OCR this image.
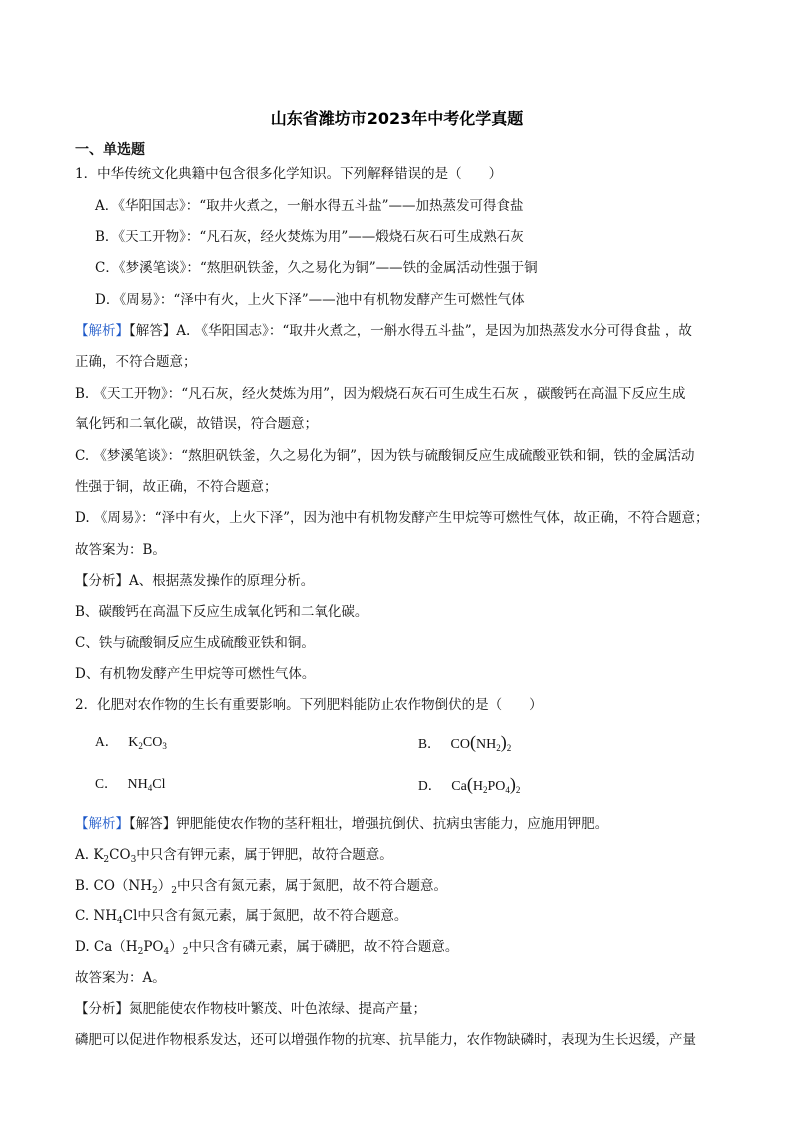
山东省潍坊市2023年中考化学真题
一、单选题
1．中华传统文化典籍中包含很多化学知识。下列解释错误的是（　　）
A．《华阳国志》：“取井火煮之，一斛水得五斗盐”——加热蒸发可得食盐
B．《天工开物》：“凡石灰，经火焚炼为用”——煅烧石灰石可生成熟石灰
C．《梦溪笔谈》：“熬胆矾铁釜，久之易化为铜”——铁的金属活动性强于铜
D．《周易》：“泽中有火，上火下泽”——池中有机物发酵产生可燃性气体
【解析】【解答】A. 《华阳国志》：“取井火煮之，一斛水得五斗盐”，是因为加热蒸发水分可得食盐 ，故
正确，不符合题意；
B. 《天工开物》：“凡石灰，经火焚炼为用”，因为煅烧石灰石可生成生石灰 ，碳酸钙在高温下反应生成
氧化钙和二氧化碳，故错误，符合题意；
C. 《梦溪笔谈》：“熬胆矾铁釜，久之易化为铜”，因为铁与硫酸铜反应生成硫酸亚铁和铜，铁的金属活动
性强于铜，故正确，不符合题意；
D. 《周易》：“泽中有火，上火下泽”，因为池中有机物发酵产生甲烷等可燃性气体，故正确，不符合题意；
故答案为：B。
【分析】A、根据蒸发操作的原理分析。
B、碳酸钙在高温下反应生成氧化钙和二氧化碳。
C、铁与硫酸铜反应生成硫酸亚铁和铜。
D、有机物发酵产生甲烷等可燃性气体。
2．化肥对农作物的生长有重要影响。下列肥料能防止农作物倒伏的是（　　）
A． $K_2CO_3$	B． $CO(NH_2)_2$
C． $NH_4Cl$	D． $Ca(H_2PO_4)_2$
【解析】【解答】钾肥能使农作物的茎秆粗壮，增强抗倒伏、抗病虫害能力，应施用钾肥。
A. $K_2CO_3$中只含有钾元素，属于钾肥，故符合题意。
B. $CO(NH_2)_2$中只含有氮元素，属于氮肥，故不符合题意。
C. $NH_4Cl$中只含有氮元素，属于氮肥，故不符合题意。
D. $Ca(H_2PO_4)_2$中只含有磷元素，属于磷肥，故不符合题意。
故答案为：A。
【分析】氮肥能使农作物枝叶繁茂、叶色浓绿、提高产量；
磷肥可以促进作物根系发达，还可以增强作物的抗寒、抗旱能力，农作物缺磷时，表现为生长迟缓，产量
